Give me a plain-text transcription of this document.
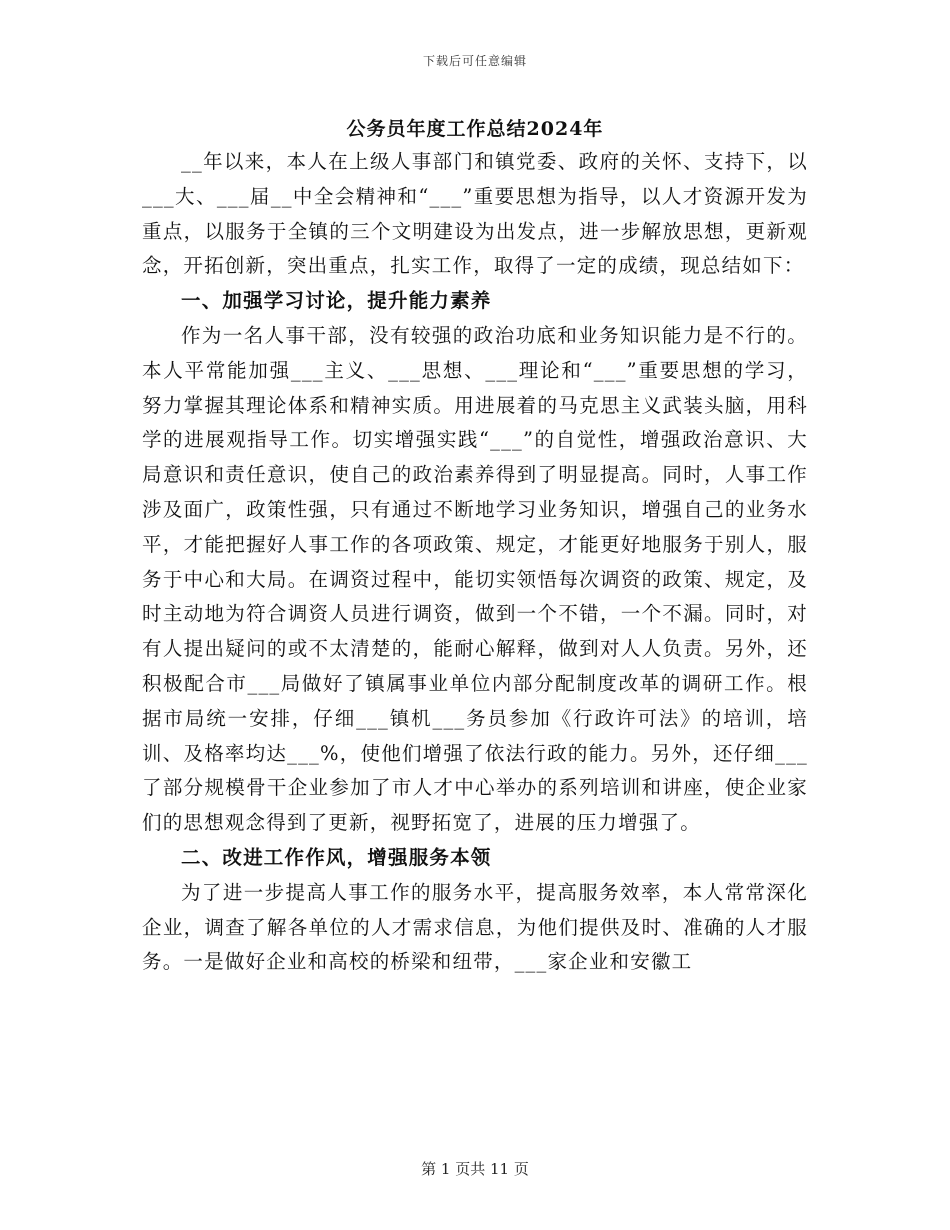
下载后可任意编辑
公务员年度工作总结2024年

__年以来，本人在上级人事部门和镇党委、政府的关怀、支持下，以___大、___届__中全会精神和“___”重要思想为指导，以人才资源开发为重点，以服务于全镇的三个文明建设为出发点，进一步解放思想，更新观念，开拓创新，突出重点，扎实工作，取得了一定的成绩，现总结如下：

一、加强学习讨论，提升能力素养

作为一名人事干部，没有较强的政治功底和业务知识能力是不行的。本人平常能加强___主义、___思想、___理论和“___”重要思想的学习，努力掌握其理论体系和精神实质。用进展着的马克思主义武装头脑，用科学的进展观指导工作。切实增强实践“___”的自觉性，增强政治意识、大局意识和责任意识，使自己的政治素养得到了明显提高。同时，人事工作涉及面广，政策性强，只有通过不断地学习业务知识，增强自己的业务水平，才能把握好人事工作的各项政策、规定，才能更好地服务于别人，服务于中心和大局。在调资过程中，能切实领悟每次调资的政策、规定，及时主动地为符合调资人员进行调资，做到一个不错，一个不漏。同时，对有人提出疑问的或不太清楚的，能耐心解释，做到对人人负责。另外，还积极配合市___局做好了镇属事业单位内部分配制度改革的调研工作。根据市局统一安排，仔细___镇机___务员参加《行政许可法》的培训，培训、及格率均达___%，使他们增强了依法行政的能力。另外，还仔细___了部分规模骨干企业参加了市人才中心举办的系列培训和讲座，使企业家们的思想观念得到了更新，视野拓宽了，进展的压力增强了。

二、改进工作作风，增强服务本领

为了进一步提高人事工作的服务水平，提高服务效率，本人常常深化企业，调查了解各单位的人才需求信息，为他们提供及时、准确的人才服务。一是做好企业和高校的桥梁和纽带，___家企业和安徽工

第 1 页共 11 页
